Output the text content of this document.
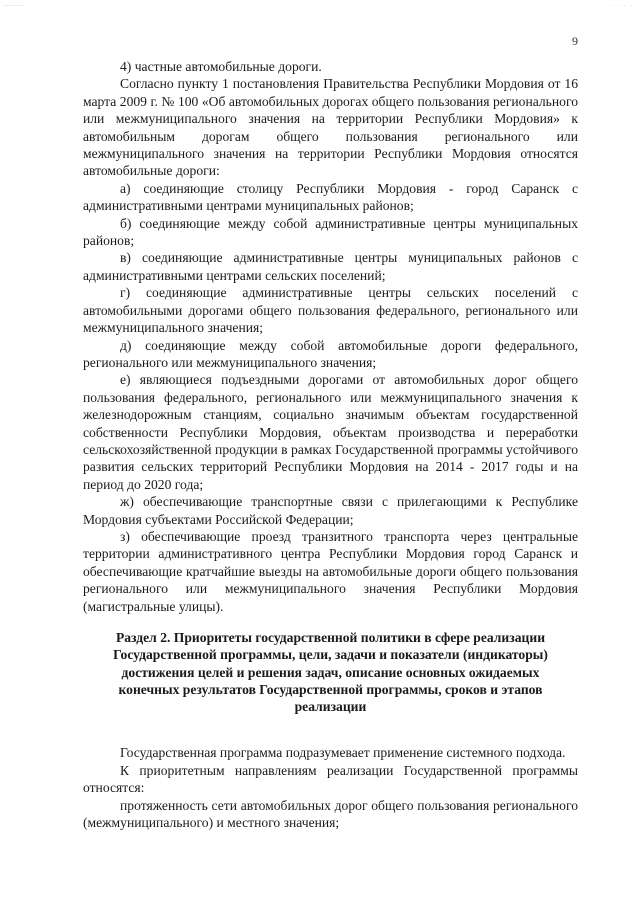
........	. . . .
9

4) частные автомобильные дороги.

Согласно пункту 1 постановления Правительства Республики Мордовия от 16 марта 2009 г. № 100 «Об автомобильных дорогах общего пользования регионального или межмуниципального значения на территории Республики Мордовия» к автомобильным дорогам общего пользования регионального или межмуниципального значения на территории Республики Мордовия относятся автомобильные дороги:

а) соединяющие столицу Республики Мордовия - город Саранск с административными центрами муниципальных районов;

б) соединяющие между собой административные центры муниципальных районов;

в) соединяющие административные центры муниципальных районов с административными центрами сельских поселений;

г) соединяющие административные центры сельских поселений с автомобильными дорогами общего пользования федерального, регионального или межмуниципального значения;

д) соединяющие между собой автомобильные дороги федерального, регионального или межмуниципального значения;

е) являющиеся подъездными дорогами от автомобильных дорог общего пользования федерального, регионального или межмуниципального значения к железнодорожным станциям, социально значимым объектам государственной собственности Республики Мордовия, объектам производства и переработки сельскохозяйственной продукции в рамках Государственной программы устойчивого развития сельских территорий Республики Мордовия на 2014 - 2017 годы и на период до 2020 года;

ж) обеспечивающие транспортные связи с прилегающими к Республике Мордовия субъектами Российской Федерации;

з) обеспечивающие проезд транзитного транспорта через центральные территории административного центра Республики Мордовия город Саранск и обеспечивающие кратчайшие выезды на автомобильные дороги общего пользования регионального или межмуниципального значения Республики Мордовия (магистральные улицы).

Раздел 2. Приоритеты государственной политики в сфере реализации
Государственной программы, цели, задачи и показатели (индикаторы)
достижения целей и решения задач, описание основных ожидаемых
конечных результатов Государственной программы, сроков и этапов
реализации

Государственная программа подразумевает применение системного подхода.

К приоритетным направлениям реализации Государственной программы относятся:

протяженность сети автомобильных дорог общего пользования регионального (межмуниципального) и местного значения;
